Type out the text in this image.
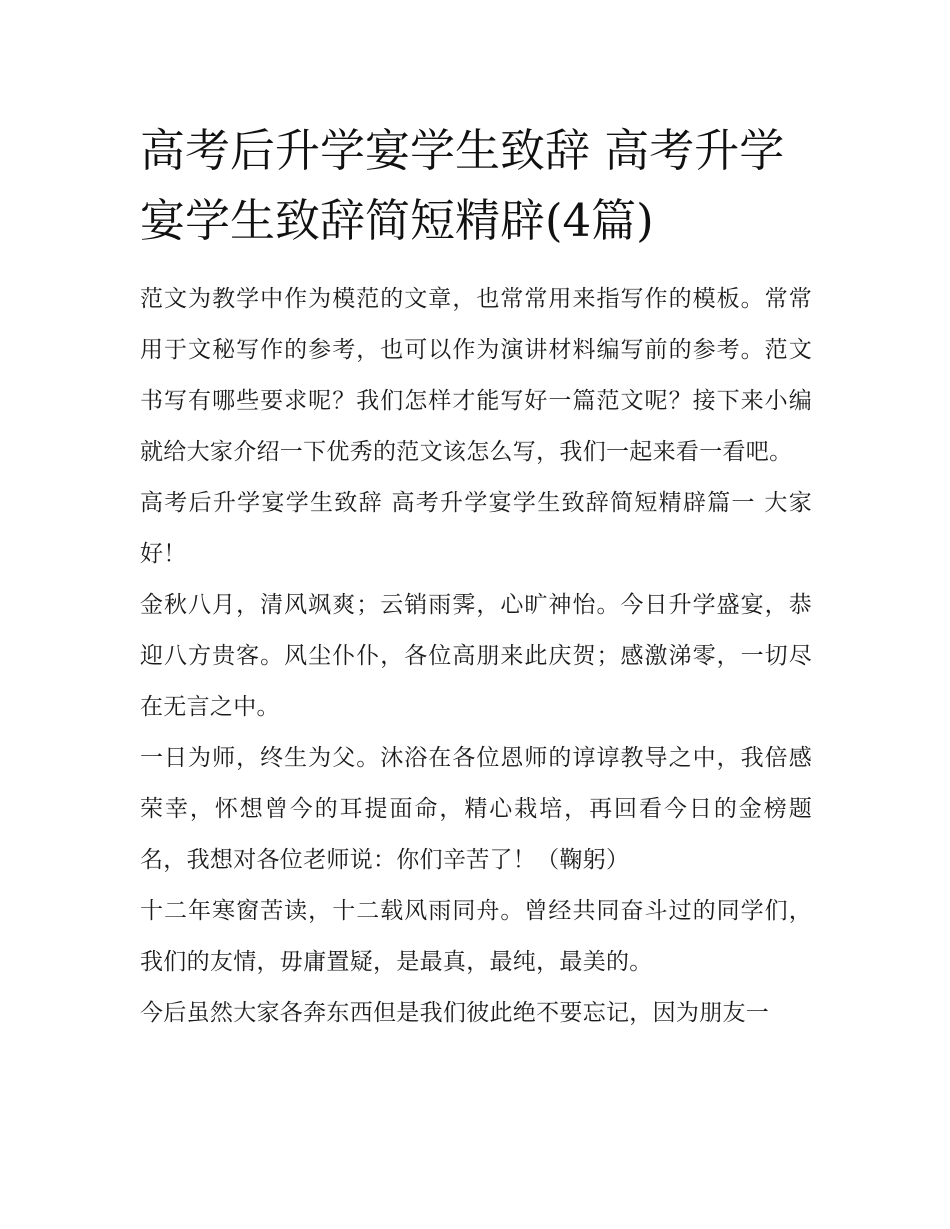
高考后升学宴学生致辞 高考升学宴学生致辞简短精辟(4篇)

范文为教学中作为模范的文章，也常常用来指写作的模板。常常用于文秘写作的参考，也可以作为演讲材料编写前的参考。范文书写有哪些要求呢？我们怎样才能写好一篇范文呢？接下来小编就给大家介绍一下优秀的范文该怎么写，我们一起来看一看吧。

高考后升学宴学生致辞 高考升学宴学生致辞简短精辟篇一 大家好！

金秋八月，清风飒爽；云销雨霁，心旷神怡。今日升学盛宴，恭迎八方贵客。风尘仆仆，各位高朋来此庆贺；感激涕零，一切尽在无言之中。

一日为师，终生为父。沐浴在各位恩师的谆谆教导之中，我倍感荣幸，怀想曾今的耳提面命，精心栽培，再回看今日的金榜题名，我想对各位老师说：你们辛苦了！（鞠躬）

十二年寒窗苦读，十二载风雨同舟。曾经共同奋斗过的同学们，我们的友情，毋庸置疑，是最真，最纯，最美的。

今后虽然大家各奔东西但是我们彼此绝不要忘记，因为朋友一
